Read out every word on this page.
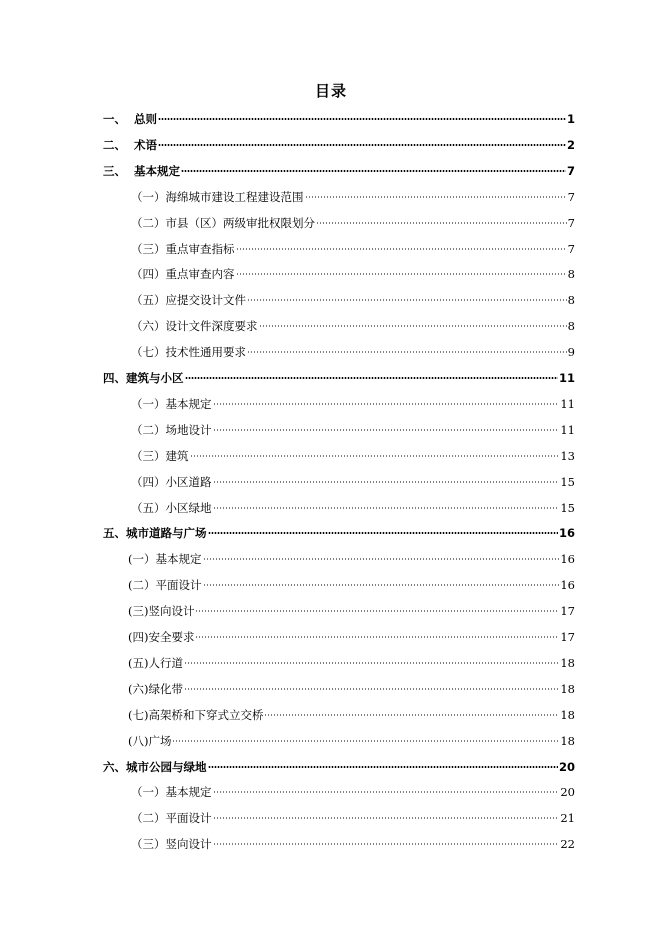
目录
一、 总则	1
二、 术语	2
三、 基本规定	7
（一） 海绵城市建设工程建设范围	7
（二） 市县（区）两级审批权限划分	7
（三） 重点审查指标	7
（四） 重点审查内容	8
（五） 应提交设计文件	8
（六） 设计文件深度要求	8
（七） 技术性通用要求	9
四、 建筑与小区	11
（一） 基本规定	11
（二） 场地设计	11
（三） 建筑	13
（四） 小区道路	15
（五） 小区绿地	15
五、 城市道路与广场	16
(一） 基本规定	16
(二） 平面设计	16
(三) 竖向设计	17
(四) 安全要求	17
(五) 人行道	18
(六) 绿化带	18
(七) 高架桥和下穿式立交桥	18
(八) 广场	18
六、 城市公园与绿地	20
（一） 基本规定	20
（二） 平面设计	21
（三） 竖向设计	22
